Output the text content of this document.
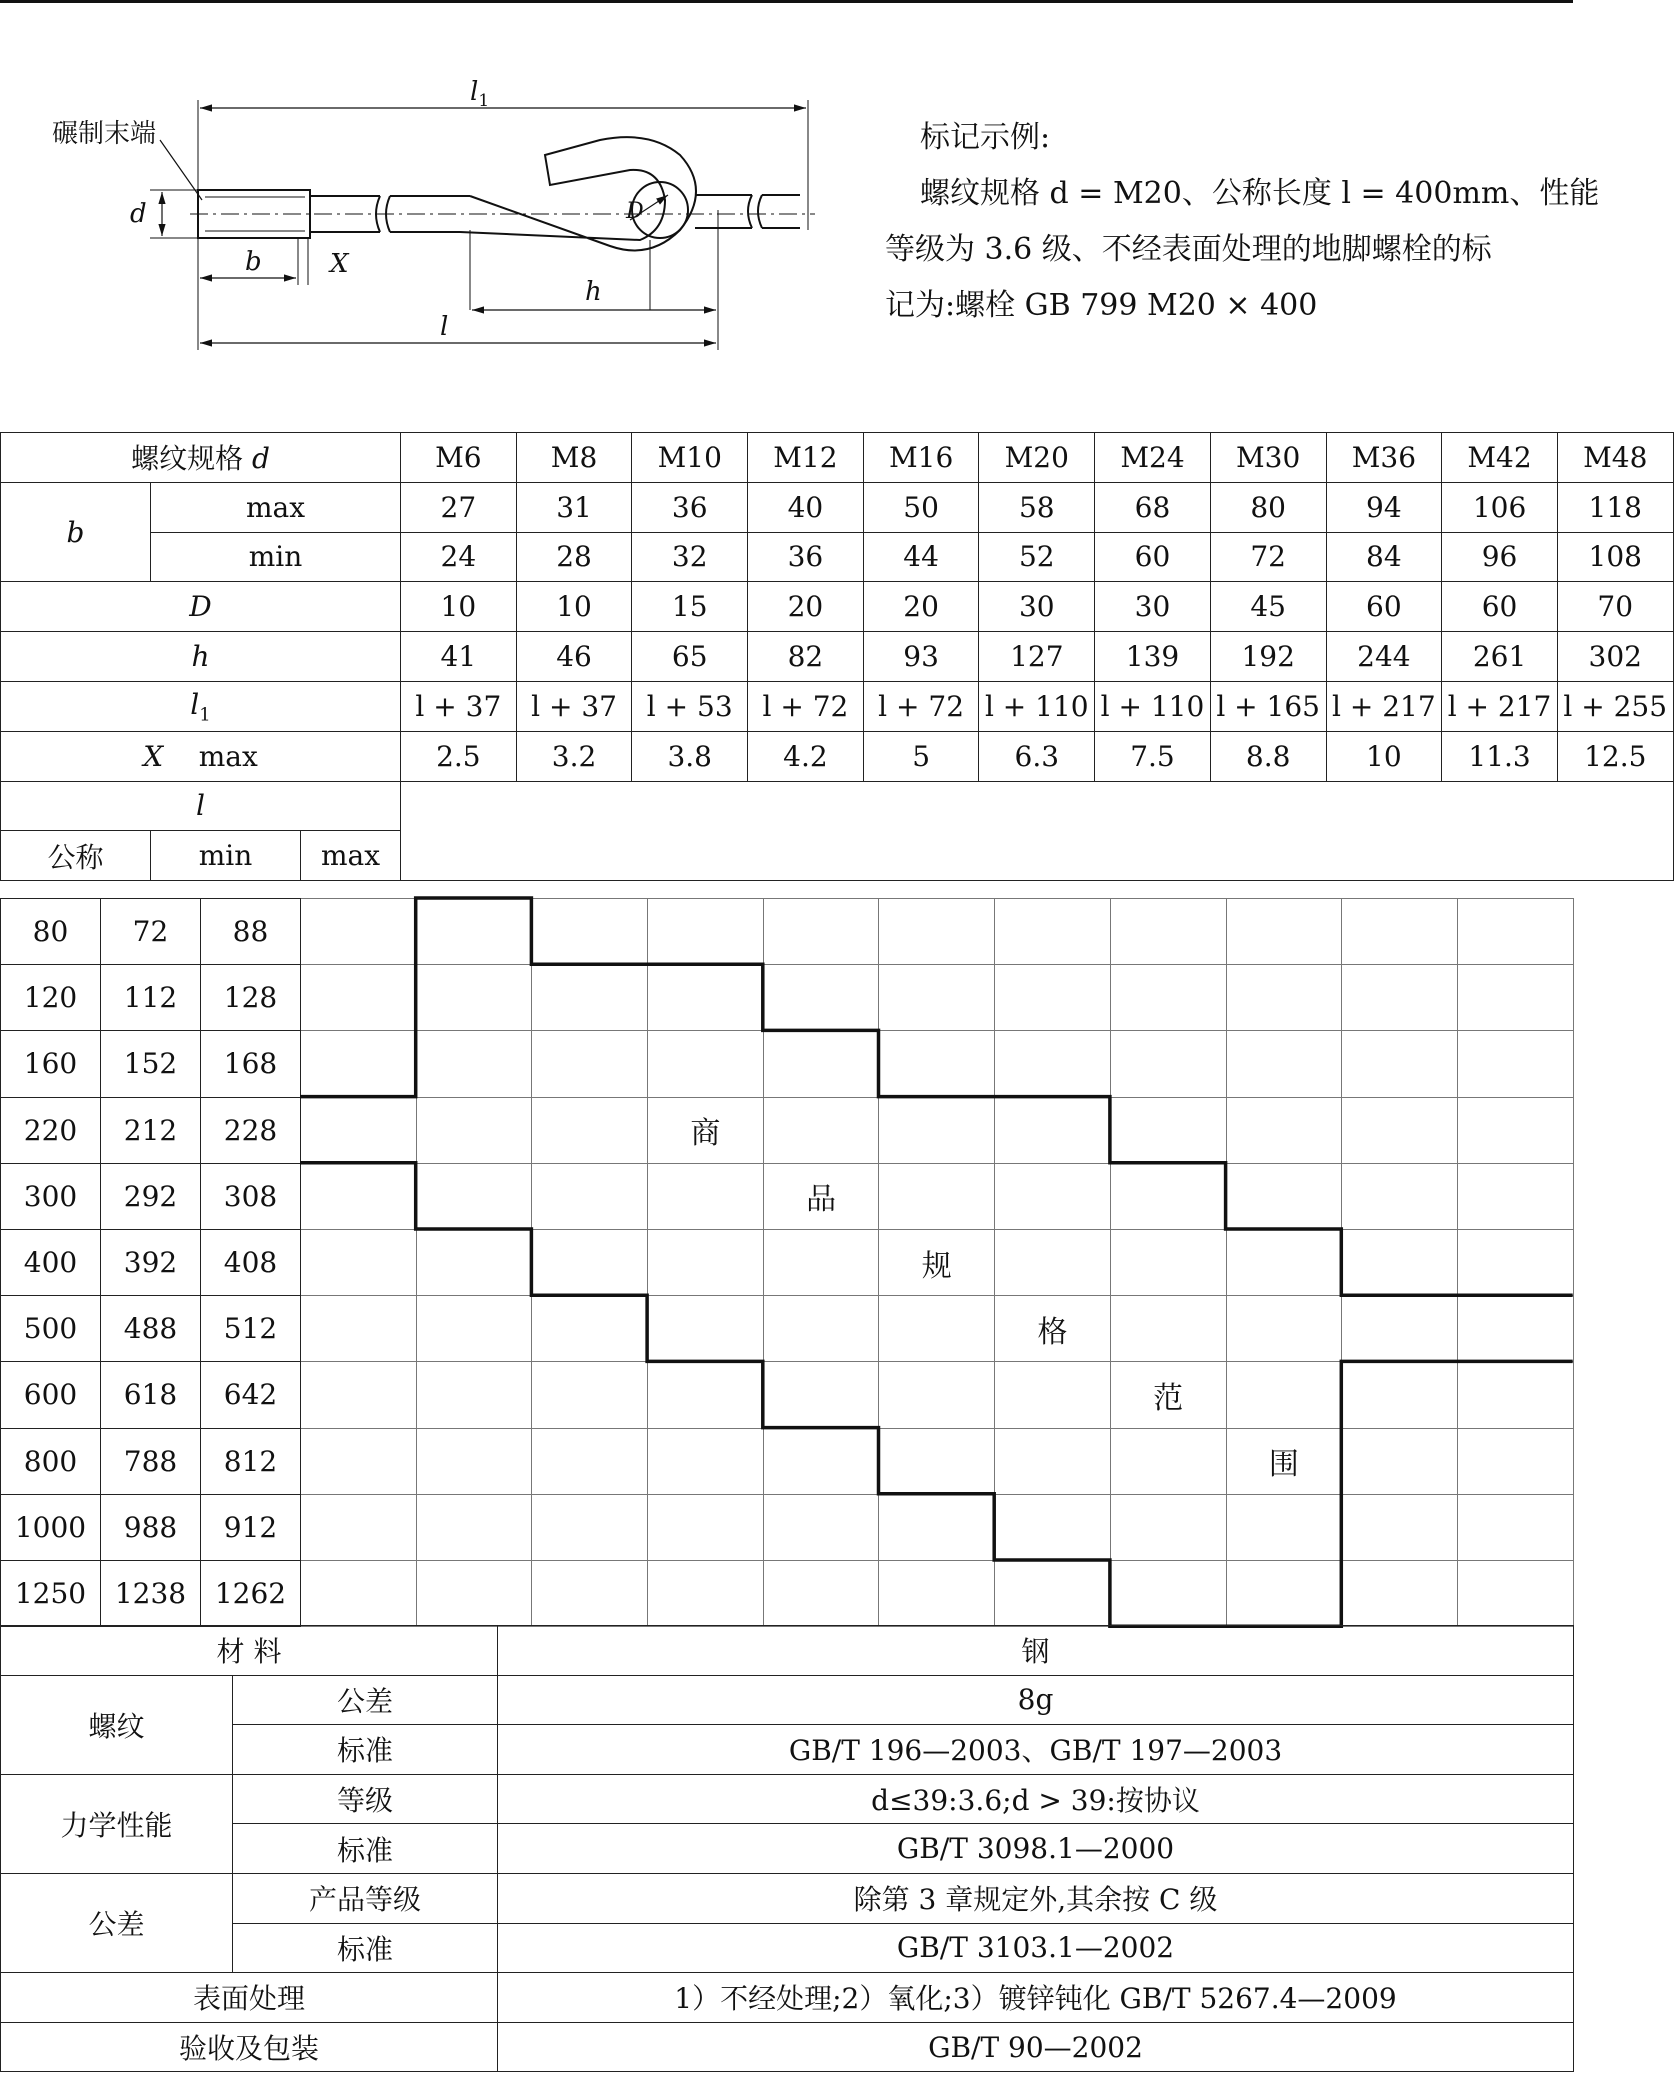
碾制末端
$l_1$
d
b	X
D
h
l
标记示例:
螺纹规格 d = M20、公称长度 l = 400mm、性能
等级为 3.6 级、不经表面处理的地脚螺栓的标
记为:螺栓 GB 799 M20 × 400
螺纹规格 d			M6	M8	M10	M12	M16	M20	M24	M30	M36	M42	M48
b	max		27	31	36	40	50	58	68	80	94	106	118
	min		24	28	32	36	44	52	60	72	84	96	108
D			10	10	15	20	20	30	30	45	60	60	70
h			41	46	65	82	93	127	139	192	244	261	302
$l_1$			l + 37	l + 37	l + 53	l + 72	l + 72	l + 110	l + 110	l + 165	l + 217	l + 217	l + 255
X max			2.5	3.2	3.8	4.2	5	6.3	7.5	8.8	10	11.3	12.5
l													
公称	min	max											
80	72	88											
120	112	128											
160	152	168											
220	212	228				商							
300	292	308					品						
400	392	408						规					
500	488	512							格				
600	618	642								范			
800	788	812									围		
1000	988	912											
1250	1238	1262											
材 料		钢
螺纹	公差	8g
	标准	GB/T 196—2003、GB/T 197—2003
力学性能	等级	d≤39:3.6;d > 39:按协议
	标准	GB/T 3098.1—2000
公差	产品等级	除第 3 章规定外,其余按 C 级
	标准	GB/T 3103.1—2002
表面处理		1）不经处理;2）氧化;3）镀锌钝化 GB/T 5267.4—2009
验收及包装		GB/T 90—2002
